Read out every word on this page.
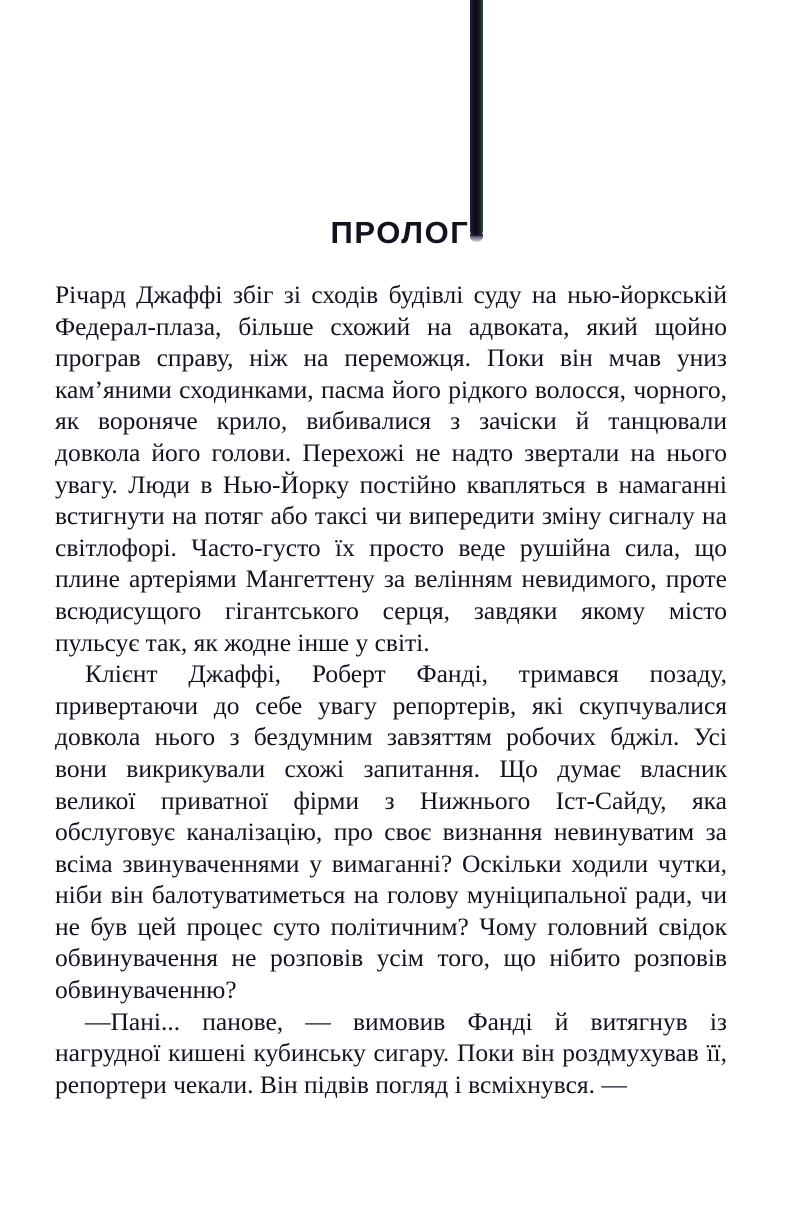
ПРОЛОГ

Річард Джаффі збіг зі сходів будівлі суду на нью-йоркській Федерал-плаза, більше схожий на адвоката, який щойно програв справу, ніж на переможця. Поки він мчав униз кам’яними сходинками, пасма його рідкого волосся, чорного, як вороняче крило, вибивалися з зачіски й танцювали довкола його голови. Перехожі не надто звертали на нього увагу. Люди в Нью-Йорку постійно квапляться в намаганні встигнути на потяг або таксі чи випередити зміну сигналу на світлофорі. Часто-густо їх просто веде рушійна сила, що плине артеріями Мангеттену за велінням невидимого, проте всюдисущого гігантського серця, завдяки якому місто пульсує так, як жодне інше у світі.

Клієнт Джаффі, Роберт Фанді, тримався позаду, привертаючи до себе увагу репортерів, які скупчувалися довкола нього з бездумним завзяттям робочих бджіл. Усі вони викрикували схожі запитання. Що думає власник великої приватної фірми з Нижнього Іст-Сайду, яка обслуговує каналізацію, про своє визнання невинуватим за всіма звинуваченнями у вимаганні? Оскільки ходили чутки, ніби він балотуватиметься на голову муніципальної ради, чи не був цей процес суто політичним? Чому головний свідок обвинувачення не розповів усім того, що нібито розповів обвинуваченню?

—Пані... панове, — вимовив Фанді й витягнув із нагрудної кишені кубинську сигару. Поки він роздмухував її, репортери чекали. Він підвів погляд і всміхнувся. —
